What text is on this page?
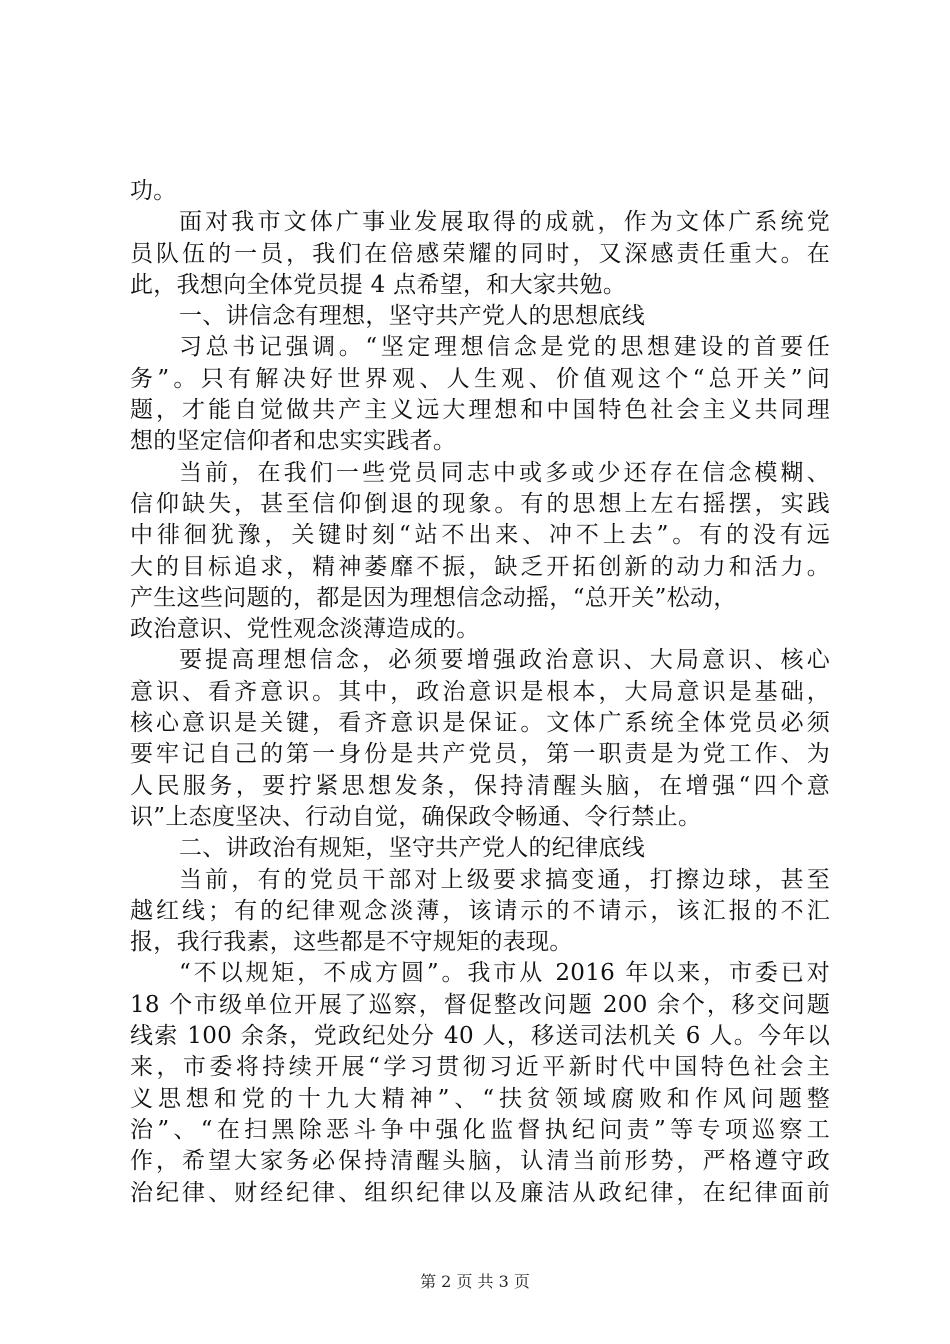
功。
面对我市文体广事业发展取得的成就，作为文体广系统党
员队伍的一员，我们在倍感荣耀的同时，又深感责任重大。在
此，我想向全体党员提 4 点希望，和大家共勉。
一、讲信念有理想，坚守共产党人的思想底线
习总书记强调。“坚定理想信念是党的思想建设的首要任
务”。只有解决好世界观、人生观、价值观这个“总开关”问
题，才能自觉做共产主义远大理想和中国特色社会主义共同理
想的坚定信仰者和忠实实践者。
当前，在我们一些党员同志中或多或少还存在信念模糊、
信仰缺失，甚至信仰倒退的现象。有的思想上左右摇摆，实践
中徘徊犹豫，关键时刻“站不出来、冲不上去”。有的没有远
大的目标追求，精神萎靡不振，缺乏开拓创新的动力和活力。
产生这些问题的，都是因为理想信念动摇，“总开关”松动，
政治意识、党性观念淡薄造成的。
要提高理想信念，必须要增强政治意识、大局意识、核心
意识、看齐意识。其中，政治意识是根本，大局意识是基础，
核心意识是关键，看齐意识是保证。文体广系统全体党员必须
要牢记自己的第一身份是共产党员，第一职责是为党工作、为
人民服务，要拧紧思想发条，保持清醒头脑，在增强“四个意
识”上态度坚决、行动自觉，确保政令畅通、令行禁止。
二、讲政治有规矩，坚守共产党人的纪律底线
当前，有的党员干部对上级要求搞变通，打擦边球，甚至
越红线；有的纪律观念淡薄，该请示的不请示，该汇报的不汇
报，我行我素，这些都是不守规矩的表现。
“不以规矩，不成方圆”。我市从 2016 年以来，市委已对
18 个市级单位开展了巡察，督促整改问题 200 余个，移交问题
线索 100 余条，党政纪处分 40 人，移送司法机关 6 人。今年以
来，市委将持续开展“学习贯彻习近平新时代中国特色社会主
义思想和党的十九大精神”、“扶贫领域腐败和作风问题整
治”、“在扫黑除恶斗争中强化监督执纪问责”等专项巡察工
作，希望大家务必保持清醒头脑，认清当前形势，严格遵守政
治纪律、财经纪律、组织纪律以及廉洁从政纪律，在纪律面前
第 2 页 共 3 页
